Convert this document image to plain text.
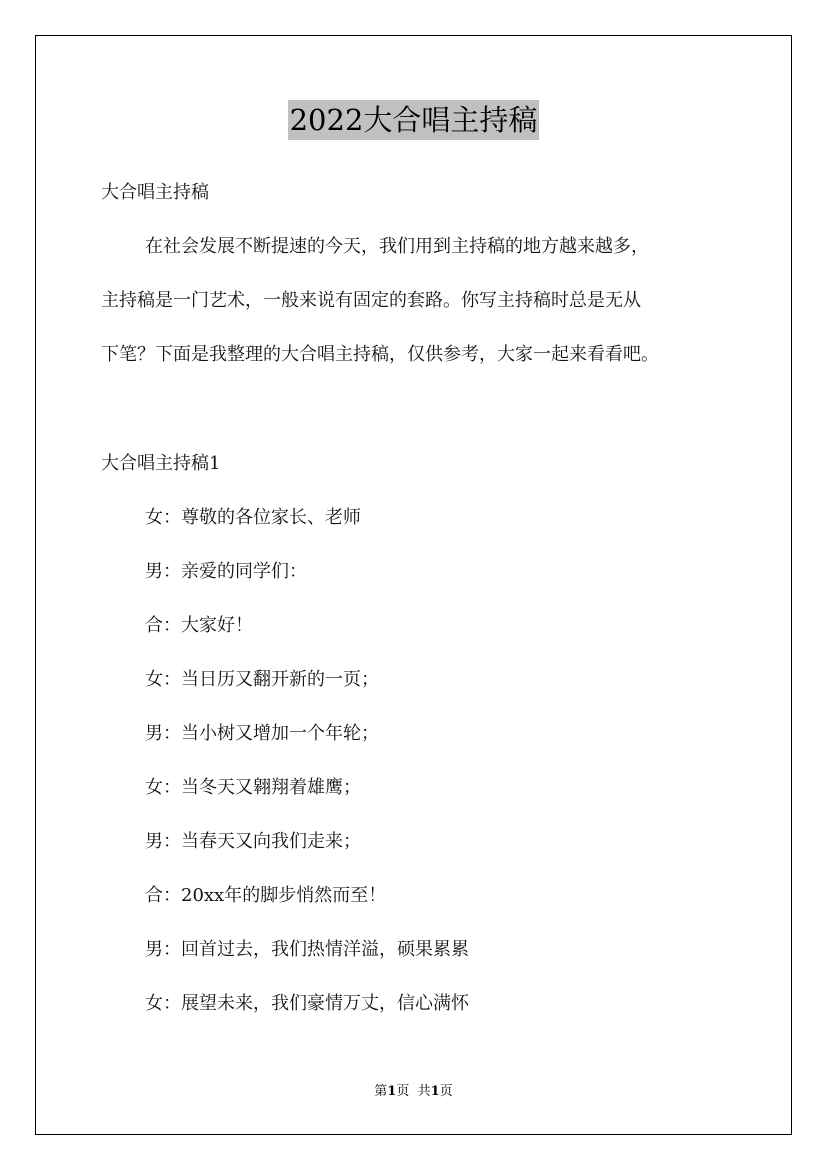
2022大合唱主持稿
大合唱主持稿
在社会发展不断提速的今天，我们用到主持稿的地方越来越多，
主持稿是一门艺术，一般来说有固定的套路。你写主持稿时总是无从
下笔？下面是我整理的大合唱主持稿，仅供参考，大家一起来看看吧。
大合唱主持稿1
女：尊敬的各位家长、老师
男：亲爱的同学们：
合：大家好！
女：当日历又翻开新的一页；
男：当小树又增加一个年轮；
女：当冬天又翱翔着雄鹰；
男：当春天又向我们走来；
合：20xx年的脚步悄然而至！
男：回首过去，我们热情洋溢，硕果累累
女：展望未来，我们豪情万丈，信心满怀
第1页 共1页
